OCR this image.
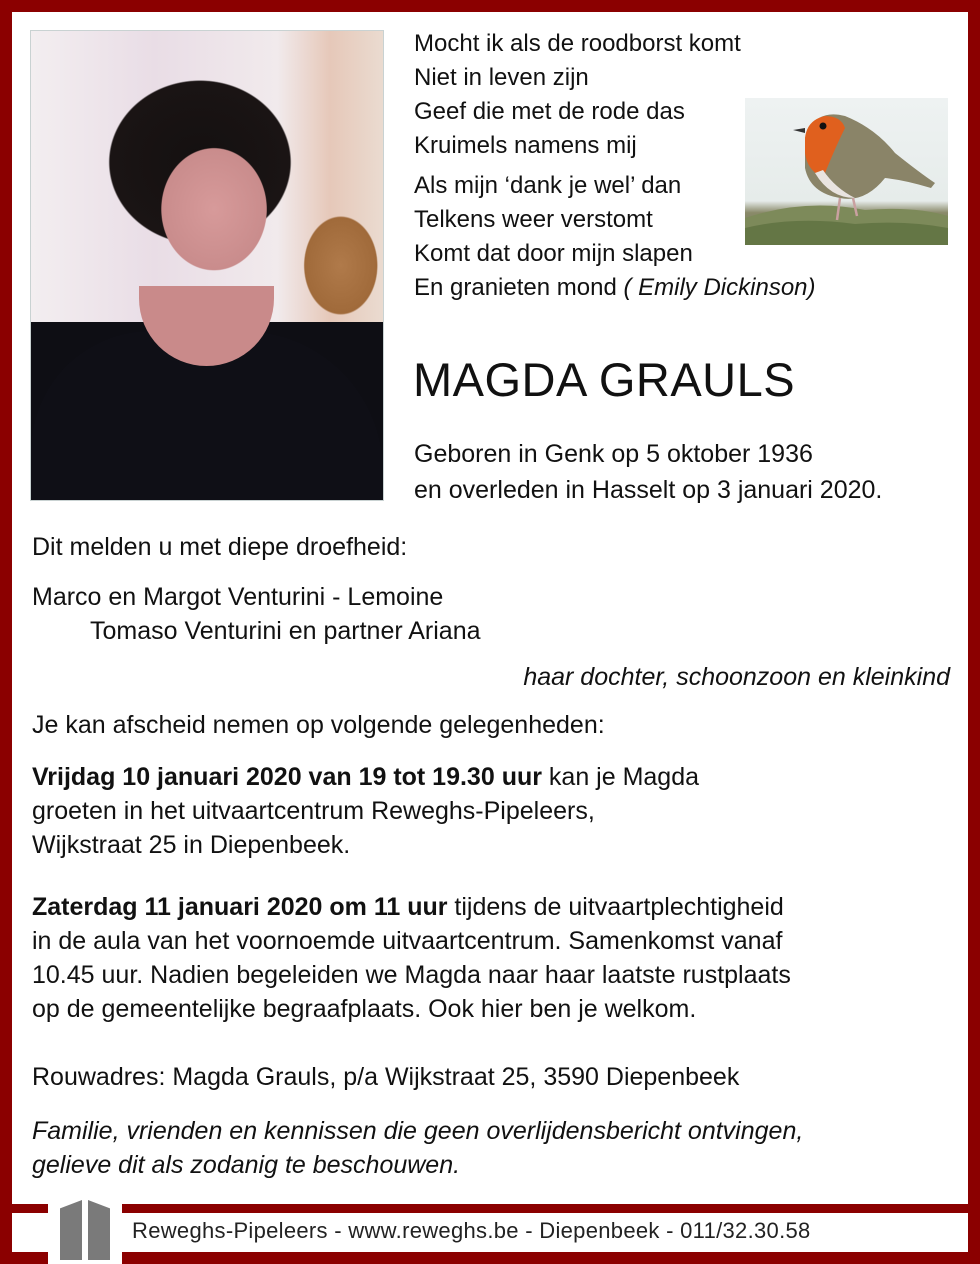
Mocht ik als de roodborst komt
Niet in leven zijn
Geef die met de rode das
Kruimels namens mij
Als mijn ‘dank je wel’ dan
Telkens weer verstomt
Komt dat door mijn slapen
En granieten mond ( Emily Dickinson)
MAGDA GRAULS
Geboren in Genk op 5 oktober 1936
en overleden in Hasselt op 3 januari 2020.
Dit melden u met diepe droefheid:
Marco en Margot Venturini - Lemoine
Tomaso Venturini en partner Ariana
haar dochter, schoonzoon en kleinkind
Je kan afscheid nemen op volgende gelegenheden:
Vrijdag 10 januari 2020 van 19 tot 19.30 uur kan je Magda
groeten in het uitvaartcentrum Reweghs-Pipeleers,
Wijkstraat 25 in Diepenbeek.
Zaterdag 11 januari 2020 om 11 uur tijdens de uitvaartplechtigheid
in de aula van het voornoemde uitvaartcentrum. Samenkomst vanaf
10.45 uur. Nadien begeleiden we Magda naar haar laatste rustplaats
op de gemeentelijke begraafplaats. Ook hier ben je welkom.
Rouwadres: Magda Grauls, p/a Wijkstraat 25, 3590 Diepenbeek
Familie, vrienden en kennissen die geen overlijdensbericht ontvingen,
gelieve dit als zodanig te beschouwen.
Reweghs-Pipeleers - www.reweghs.be - Diepenbeek - 011/32.30.58
